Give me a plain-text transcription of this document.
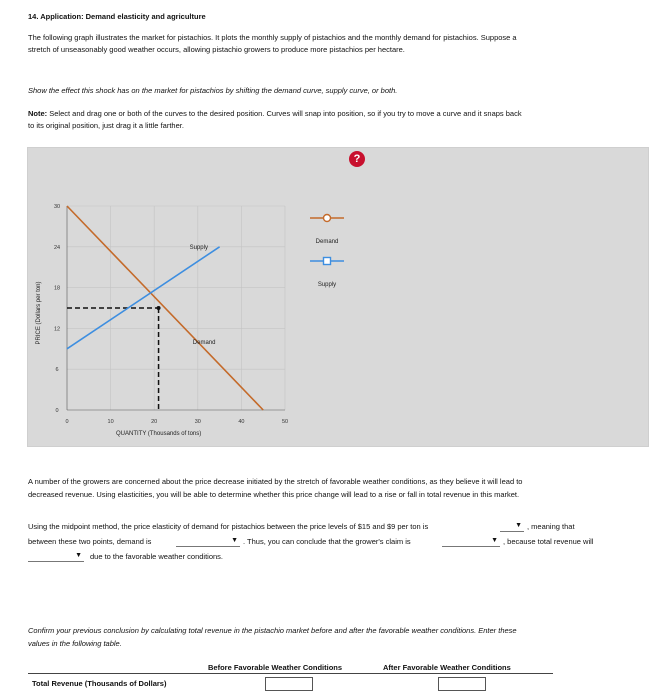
14. Application: Demand elasticity and agriculture
The following graph illustrates the market for pistachios. It plots the monthly supply of pistachios and the monthly demand for pistachios. Suppose a
stretch of unseasonably good weather occurs, allowing pistachio growers to produce more pistachios per hectare.
Show the effect this shock has on the market for pistachios by shifting the demand curve, supply curve, or both.
Note: Select and drag one or both of the curves to the desired position. Curves will snap into position, so if you try to move a curve and it snaps back
to its original position, just drag it a little farther.
?
0
6
12
18
24
30
0	10	20	30	40	50
Supply
Demand
QUANTITY (Thousands of tons)
PRICE (Dollars per ton)
Demand
Supply
A number of the growers are concerned about the price decrease initiated by the stretch of favorable weather conditions, as they believe it will lead to
decreased revenue. Using elasticities, you will be able to determine whether this price change will lead to a rise or fall in total revenue in this market.
Using the midpoint method, the price elasticity of demand for pistachios between the price levels of $15 and $9 per ton is	▼ , meaning that
between these two points, demand is	▼ . Thus, you can conclude that the grower's claim is	▼ , because total revenue will
▼ due to the favorable weather conditions.
Confirm your previous conclusion by calculating total revenue in the pistachio market before and after the favorable weather conditions. Enter these
values in the following table.
Before Favorable Weather Conditions	After Favorable Weather Conditions
Total Revenue (Thousands of Dollars)
